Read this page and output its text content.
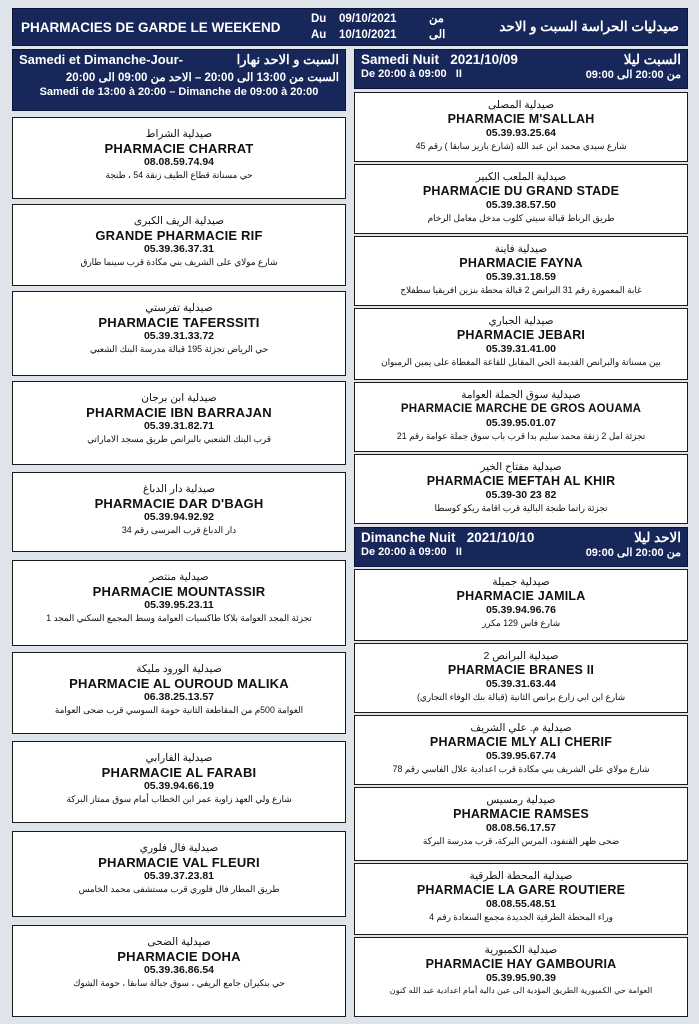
PHARMACIES DE GARDE LE WEEKEND
Du	09/10/2021	من
Au	10/10/2021	الى
صيدليات الحراسة السبت و الاحد
Samedi et Dimanche-Jour-	السبت و الاحد نهارا
السبت من 13:00 الى 20:00 – الاحد من 09:00 الى 20:00
Samedi de 13:00 à 20:00 – Dimanche de 09:00 à 20:00
صيدلية الشراط
PHARMACIE CHARRAT
08.08.59.74.94
حي مسناتة قطاع الطيف زنقة 54 ، طنجة
صيدلية الريف الكبرى
GRANDE PHARMACIE RIF
05.39.36.37.31
شارع مولاي على الشريف بني مكادة قرب سينما طارق
صيدلية تفرستي
PHARMACIE TAFERSSITI
05.39.31.33.72
حي الرياض تجزئة 195 قبالة مدرسة البنك الشعبي
صيدلية ابن برجان
PHARMACIE IBN BARRAJAN
05.39.31.82.71
قرب البنك الشعبي بالبرانص طريق مسجد الاماراتي
صيدلية دار الدباغ
PHARMACIE DAR D'BAGH
05.39.94.92.92
دار الدباغ قرب المرسى رقم 34
صيدلية منتصر
PHARMACIE MOUNTASSIR
05.39.95.23.11
تجزئة المجد العوامة بلاكا طاكسيات العوامة وسط المجمع السكني المجد 1
صيدلية الورود مليكة
PHARMACIE AL OUROUD MALIKA
06.38.25.13.57
العوامة 500م من المقاطعة الثانية حومة السوسي قرب ضحى العوامة
صيدلية الفارابي
PHARMACIE AL FARABI
05.39.94.66.19
شارع ولي العهد زاوية عمر ابن الخطاب أمام سوق ممتاز البركة
صيدلية فال فلوري
PHARMACIE VAL FLEURI
05.39.37.23.81
طريق المطار فال فلوري قرب مستشفى محمد الخامس
صيدلية الضحى
PHARMACIE DOHA
05.39.36.86.54
حي بنكيران جامع الريفي ، سوق جبالة سابقا ، حومة الشوك
Samedi Nuit 2021/10/09	السبت ليلا
De 20:00 à 09:00 II	من 20:00 الى 09:00
صيدلية المصلى
PHARMACIE M'SALLAH
05.39.93.25.64
شارع سيدي محمد ابن عبد الله (شارع باريز سابقا ) رقم 45
صيدلية الملعب الكبير
PHARMACIE DU GRAND STADE
05.39.38.57.50
طريق الرباط قبالة سيتي كلوب مدخل معامل الرخام
صيدلية فاينة
PHARMACIE FAYNA
05.39.31.18.59
غابة المعمورة رقم 31 البرانص 2 قبالة محطة بنزين افريقيا سطفلاج
صيدلية الجباري
PHARMACIE JEBARI
05.39.31.41.00
بين مسناتة والبرانص القديمة الحي المقابل للقاعة المغطاة على يمين الرمبوان
صيدلية سوق الجملة العوامة
PHARMACIE MARCHE DE GROS AOUAMA
05.39.95.01.07
تجزئة امل 2 زنقة محمد سليم بدا قرب باب سوق جملة عوامة رقم 21
صيدلية مفتاح الخير
PHARMACIE MEFTAH AL KHIR
05.39-30 23 82
تجزئة راتما طنجة البالية قرب اقامة ريكو كوسطا
Dimanche Nuit 2021/10/10	الاحد ليلا
De 20:00 à 09:00 II	من 20:00 الى 09:00
صيدلية جميلة
PHARMACIE JAMILA
05.39.94.96.76
شارع فاس 129 مكرر
صيدلية البرانص 2
PHARMACIE BRANES II
05.39.31.63.44
شارع ابن ابي زارع برانص الثانية (قبالة بنك الوفاء التجاري)
صيدلية م. علي الشريف
PHARMACIE MLY ALI CHERIF
05.39.95.67.74
شارع مولاي علي الشريف بني مكادة قرب اعدادية علال الفاسي رقم 78
صيدلية رمسيس
PHARMACIE RAMSES
08.08.56.17.57
ضحى ظهر القنفود، المرس البركة، قرب مدرسة البركة
صيدلية المحطة الطرقية
PHARMACIE LA GARE ROUTIERE
08.08.55.48.51
وراء المحطة الطرقية الجديدة مجمع السعادة رقم 4
صيدلية الكمبورية
PHARMACIE HAY GAMBOURIA
05.39.95.90.39
العوامة حي الكمبورية الطريق المؤدية الى عين دالية أمام اعدادية عبد الله كنون
